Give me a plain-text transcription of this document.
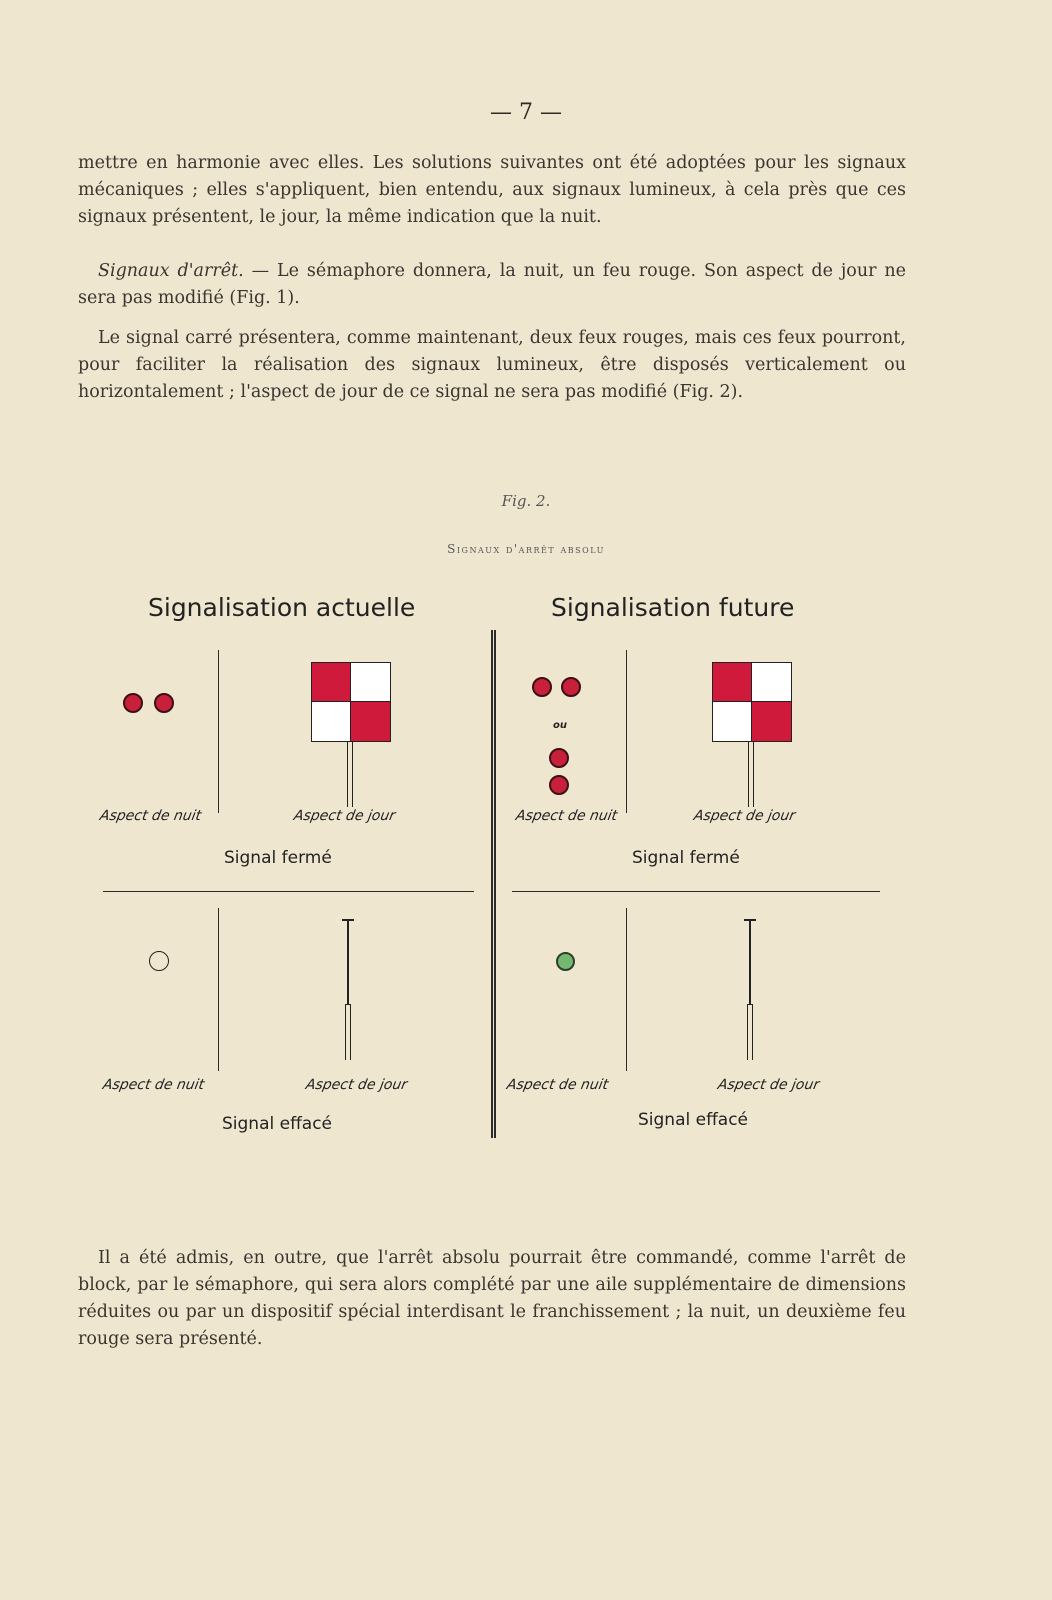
— 7 —

mettre en harmonie avec elles. Les solutions suivantes ont été adoptées pour les signaux mécaniques ; elles s'appliquent, bien entendu, aux signaux lumineux, à cela près que ces signaux présentent, le jour, la même indication que la nuit.

Signaux d'arrêt. — Le sémaphore donnera, la nuit, un feu rouge. Son aspect de jour ne sera pas modifié (Fig. 1).

Le signal carré présentera, comme maintenant, deux feux rouges, mais ces feux pourront, pour faciliter la réalisation des signaux lumineux, être disposés verticalement ou horizontalement ; l'aspect de jour de ce signal ne sera pas modifié (Fig. 2).

Fig. 2.
Signaux d'arrêt absolu
Signalisation actuelle
Aspect de nuit	Aspect de jour
Signal fermé
Aspect de nuit	Aspect de jour
Signal effacé
Signalisation future
ou
Aspect de nuit	Aspect de jour
Signal fermé
Aspect de nuit	Aspect de jour
Signal effacé

Il a été admis, en outre, que l'arrêt absolu pourrait être commandé, comme l'arrêt de block, par le sémaphore, qui sera alors complété par une aile supplémentaire de dimensions réduites ou par un dispositif spécial interdisant le franchissement ; la nuit, un deuxième feu rouge sera présenté.
